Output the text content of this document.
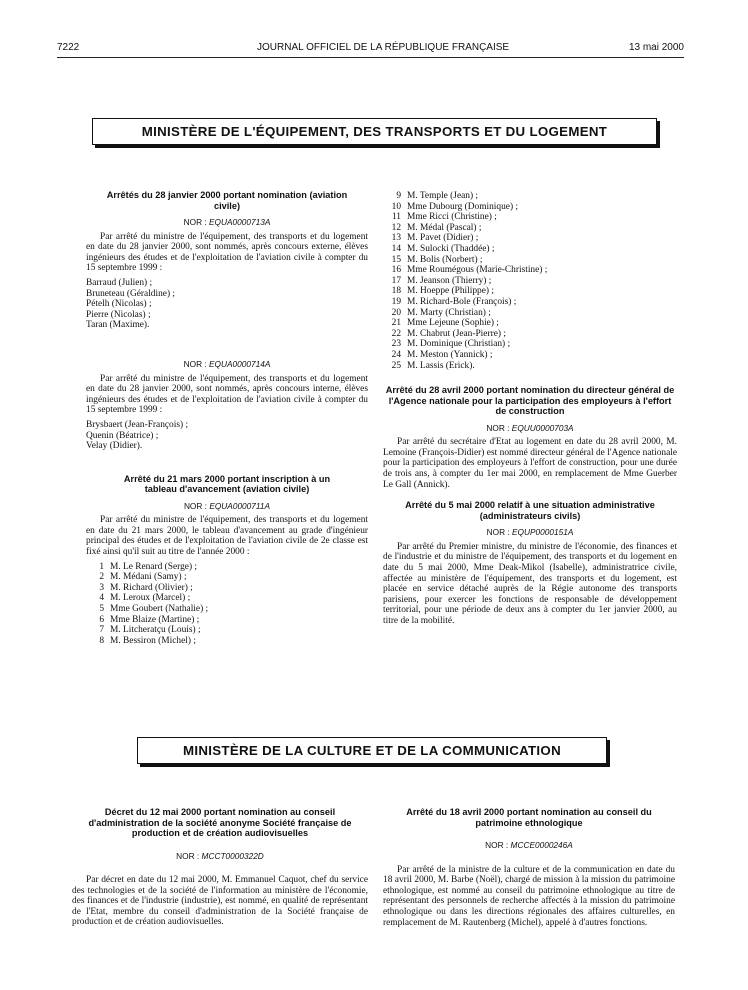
7222	JOURNAL OFFICIEL DE LA RÉPUBLIQUE FRANÇAISE	13 mai 2000
MINISTÈRE DE L'ÉQUIPEMENT, DES TRANSPORTS ET DU LOGEMENT
Arrêtés du 28 janvier 2000 portant nomination (aviation civile)
NOR : EQUA0000713A

Par arrêté du ministre de l'équipement, des transports et du logement en date du 28 janvier 2000, sont nommés, après concours externe, élèves ingénieurs des études et de l'exploitation de l'aviation civile à compter du 15 septembre 1999 :

Barraud (Julien) ;
Bruneteau (Géraldine) ;
Pételh (Nicolas) ;
Pierre (Nicolas) ;
Taran (Maxime).
NOR : EQUA0000714A

Par arrêté du ministre de l'équipement, des transports et du logement en date du 28 janvier 2000, sont nommés, après concours interne, élèves ingénieurs des études et de l'exploitation de l'aviation civile à compter du 15 septembre 1999 :

Brysbaert (Jean-François) ;
Quenin (Béatrice) ;
Velay (Didier).
Arrêté du 21 mars 2000 portant inscription à un tableau d'avancement (aviation civile)
NOR : EQUA0000711A

Par arrêté du ministre de l'équipement, des transports et du logement en date du 21 mars 2000, le tableau d'avancement au grade d'ingénieur principal des études et de l'exploitation de l'aviation civile de 2e classe est fixé ainsi qu'il suit au titre de l'année 2000 :

1 M. Le Renard (Serge) ;
2 M. Médani (Samy) ;
3 M. Richard (Olivier) ;
4 M. Leroux (Marcel) ;
5 Mme Goubert (Nathalie) ;
6 Mme Blaize (Martine) ;
7 M. Litcheratçu (Louis) ;
8 M. Bessiron (Michel) ;
9 M. Temple (Jean) ;
10 Mme Dubourg (Dominique) ;
11 Mme Ricci (Christine) ;
12 M. Médal (Pascal) ;
13 M. Pavet (Didier) ;
14 M. Sulocki (Thaddée) ;
15 M. Bolis (Norbert) ;
16 Mme Roumégous (Marie-Christine) ;
17 M. Jeanson (Thierry) ;
18 M. Hoeppe (Philippe) ;
19 M. Richard-Bole (François) ;
20 M. Marty (Christian) ;
21 Mme Lejeune (Sophie) ;
22 M. Chabrut (Jean-Pierre) ;
23 M. Dominique (Christian) ;
24 M. Meston (Yannick) ;
25 M. Lassis (Erick).
Arrêté du 28 avril 2000 portant nomination du directeur général de l'Agence nationale pour la participation des employeurs à l'effort de construction
NOR : EQUU0000703A

Par arrêté du secrétaire d'Etat au logement en date du 28 avril 2000, M. Lemoine (François-Didier) est nommé directeur général de l'Agence nationale pour la participation des employeurs à l'effort de construction, pour une durée de trois ans, à compter du 1er mai 2000, en remplacement de Mme Guerber Le Gall (Annick).

Arrêté du 5 mai 2000 relatif à une situation administrative (administrateurs civils)
NOR : EQUP0000151A

Par arrêté du Premier ministre, du ministre de l'économie, des finances et de l'industrie et du ministre de l'équipement, des transports et du logement en date du 5 mai 2000, Mme Deak-Mikol (Isabelle), administratrice civile, affectée au ministère de l'équipement, des transports et du logement, est placée en service détaché auprès de la Régie autonome des transports parisiens, pour exercer les fonctions de responsable de développement territorial, pour une période de deux ans à compter du 1er janvier 2000, au titre de la mobilité.

MINISTÈRE DE LA CULTURE ET DE LA COMMUNICATION
Décret du 12 mai 2000 portant nomination au conseil d'administration de la société anonyme Société française de production et de création audiovisuelles
NOR : MCCT0000322D

Par décret en date du 12 mai 2000, M. Emmanuel Caquot, chef du service des technologies et de la société de l'information au ministère de l'économie, des finances et de l'industrie (industrie), est nommé, en qualité de représentant de l'Etat, membre du conseil d'administration de la Société française de production et de création audiovisuelles.

Arrêté du 18 avril 2000 portant nomination au conseil du patrimoine ethnologique
NOR : MCCE0000246A

Par arrêté de la ministre de la culture et de la communication en date du 18 avril 2000, M. Barbe (Noël), chargé de mission à la mission du patrimoine ethnologique, est nommé au conseil du patrimoine ethnologique au titre de représentant des personnels de recherche affectés à la mission du patrimoine ethnologique ou dans les directions régionales des affaires culturelles, en remplacement de M. Rautenberg (Michel), appelé à d'autres fonctions.
